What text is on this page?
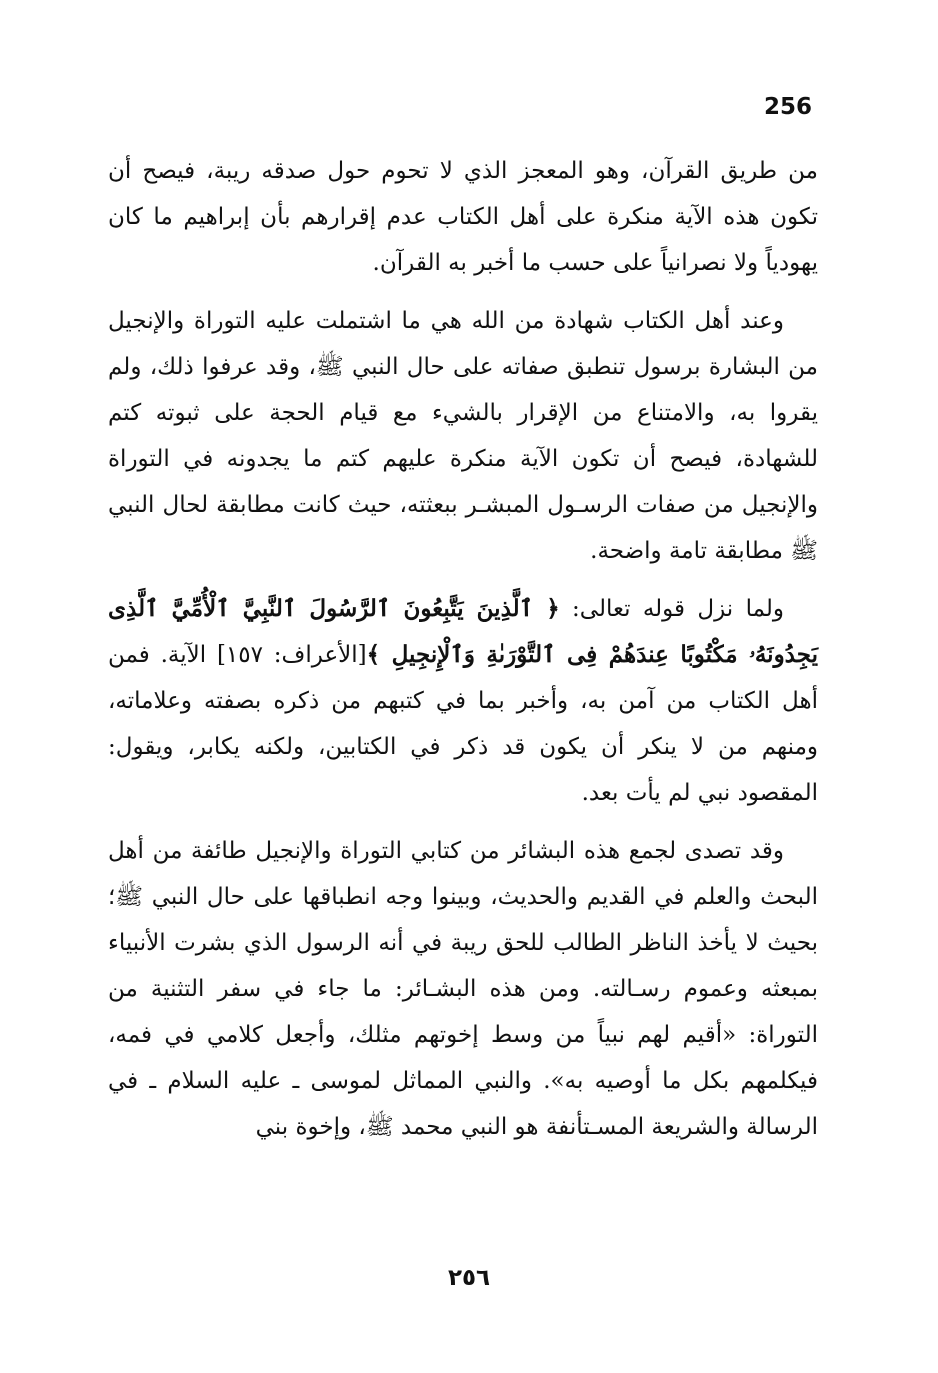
256

من طريق القرآن، وهو المعجز الذي لا تحوم حول صدقه ريبة، فيصح أن تكون هذه الآية منكرة على أهل الكتاب عدم إقرارهم بأن إبراهيم ما كان يهودياً ولا نصرانياً على حسب ما أخبر به القرآن.

وعند أهل الكتاب شهادة من الله هي ما اشتملت عليه التوراة والإنجيل من البشارة برسول تنطبق صفاته على حال النبي ﷺ، وقد عرفوا ذلك، ولم يقروا به، والامتناع من الإقرار بالشيء مع قيام الحجة على ثبوته كتم للشهادة، فيصح أن تكون الآية منكرة عليهم كتم ما يجدونه في التوراة والإنجيل من صفات الرسـول المبشـر ببعثته، حيث كانت مطابقة لحال النبي ﷺ مطابقة تامة واضحة.

ولما نزل قوله تعالى: ﴿ ٱلَّذِينَ يَتَّبِعُونَ ٱلرَّسُولَ ٱلنَّبِيَّ ٱلْأُمِّيَّ ٱلَّذِى يَجِدُونَهُۥ مَكْتُوبًا عِندَهُمْ فِى ٱلتَّوْرَىٰةِ وَٱلْإِنجِيلِ ﴾[الأعراف: ١٥٧] الآية. فمن أهل الكتاب من آمن به، وأخبر بما في كتبهم من ذكره بصفته وعلاماته، ومنهم من لا ينكر أن يكون قد ذكر في الكتابين، ولكنه يكابر، ويقول: المقصود نبي لم يأت بعد.

وقد تصدى لجمع هذه البشائر من كتابي التوراة والإنجيل طائفة من أهل البحث والعلم في القديم والحديث، وبينوا وجه انطباقها على حال النبي ﷺ؛ بحيث لا يأخذ الناظر الطالب للحق ريبة في أنه الرسول الذي بشرت الأنبياء بمبعثه وعموم رسـالته. ومن هذه البشـائر: ما جاء في سفر التثنية من التوراة: «أقيم لهم نبياً من وسط إخوتهم مثلك، وأجعل كلامي في فمه، فيكلمهم بكل ما أوصيه به». والنبي المماثل لموسى ـ عليه السلام ـ في الرسالة والشريعة المسـتأنفة هو النبي محمد ﷺ، وإخوة بني

٢٥٦
